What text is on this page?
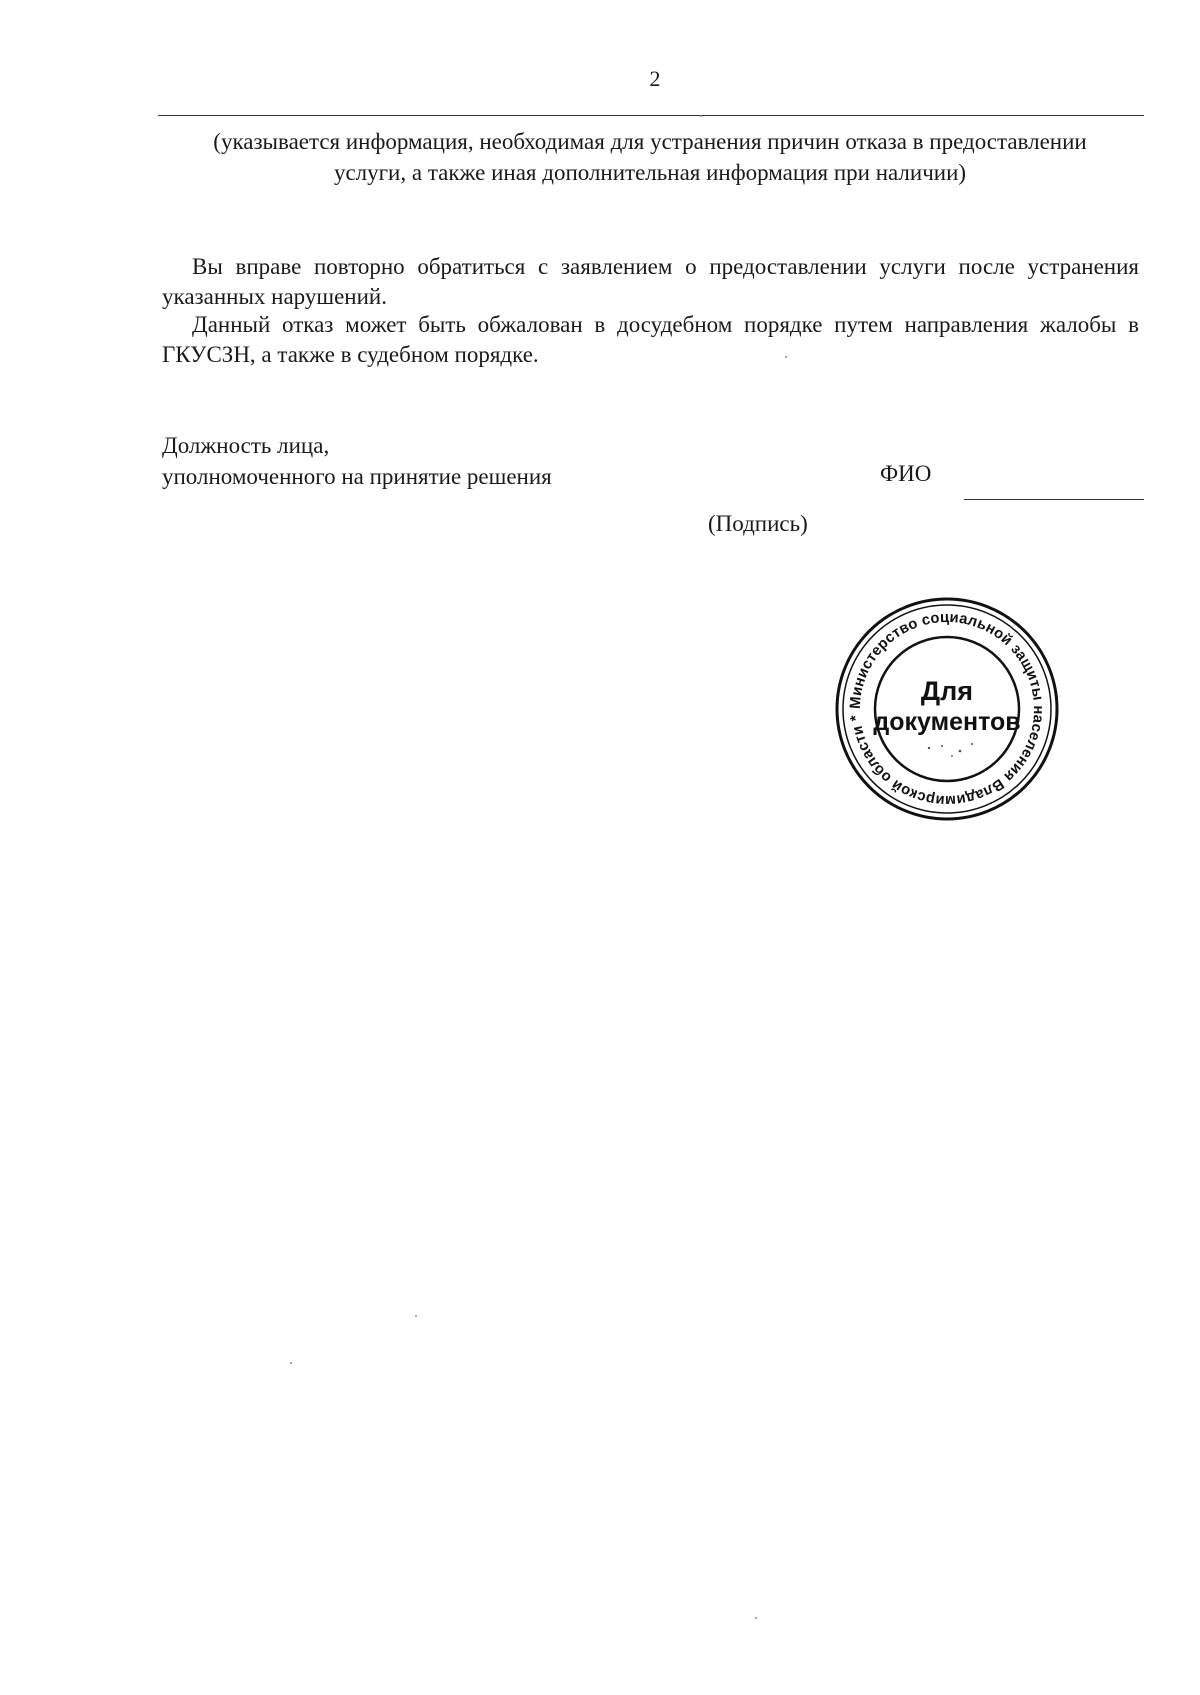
2
(указывается информация, необходимая для устранения причин отказа в предоставлении
услуги, а также иная дополнительная информация при наличии)

Вы вправе повторно обратиться с заявлением о предоставлении услуги после устранения указанных нарушений.

Данный отказ может быть обжалован в досудебном порядке путем направления жалобы в ГКУСЗН, а также в судебном порядке.

Должность лица,
уполномоченного на принятие решения	ФИО
(Подпись)
Министерство социальной защиты населения Владимирской области *
Для
документов
